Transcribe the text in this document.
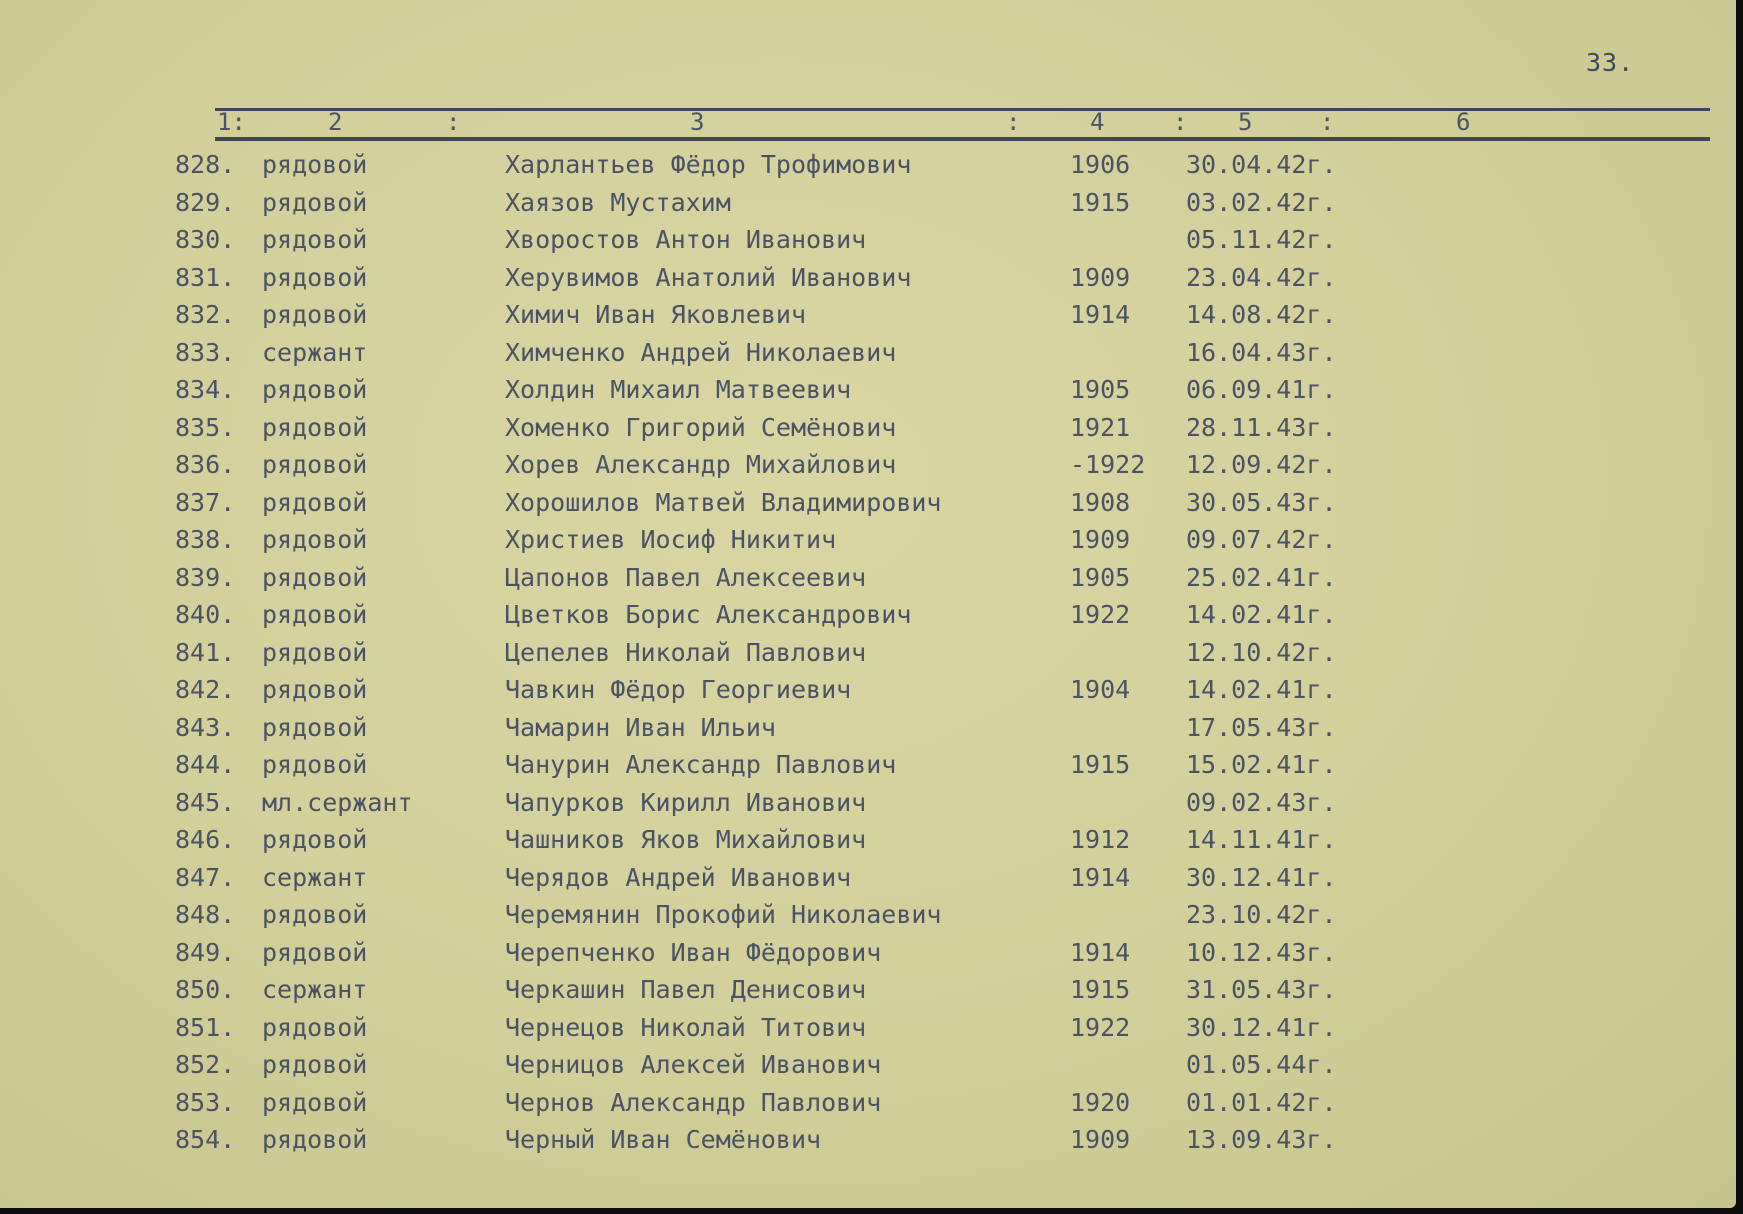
33.
1:	2	:	3	:	4	: 5	:	6
828. рядовой	Харлантьев Фёдор Трофимович	1906 30.04.42г.
829. рядовой	Хаязов Мустахим	1915 03.02.42г.
830. рядовой	Хворостов Антон Иванович	05.11.42г.
831. рядовой	Херувимов Анатолий Иванович	1909 23.04.42г.
832. рядовой	Химич Иван Яковлевич	1914 14.08.42г.
833. сержант	Химченко Андрей Николаевич	16.04.43г.
834. рядовой	Холдин Михаил Матвеевич	1905 06.09.41г.
835. рядовой	Хоменко Григорий Семёнович	1921 28.11.43г.
836. рядовой	Хорев Александр Михайлович	-1922 12.09.42г.
837. рядовой	Хорошилов Матвей Владимирович	1908 30.05.43г.
838. рядовой	Христиев Иосиф Никитич	1909 09.07.42г.
839. рядовой	Цапонов Павел Алексеевич	1905 25.02.41г.
840. рядовой	Цветков Борис Александрович	1922 14.02.41г.
841. рядовой	Цепелев Николай Павлович	12.10.42г.
842. рядовой	Чавкин Фёдор Георгиевич	1904 14.02.41г.
843. рядовой	Чамарин Иван Ильич	17.05.43г.
844. рядовой	Чанурин Александр Павлович	1915 15.02.41г.
845. мл.сержант	Чапурков Кирилл Иванович	09.02.43г.
846. рядовой	Чашников Яков Михайлович	1912 14.11.41г.
847. сержант	Черядов Андрей Иванович	1914 30.12.41г.
848. рядовой	Черемянин Прокофий Николаевич	23.10.42г.
849. рядовой	Черепченко Иван Фёдорович	1914 10.12.43г.
850. сержант	Черкашин Павел Денисович	1915 31.05.43г.
851. рядовой	Чернецов Николай Титович	1922 30.12.41г.
852. рядовой	Черницов Алексей Иванович	01.05.44г.
853. рядовой	Чернов Александр Павлович	1920 01.01.42г.
854. рядовой	Черный Иван Семёнович	1909 13.09.43г.
